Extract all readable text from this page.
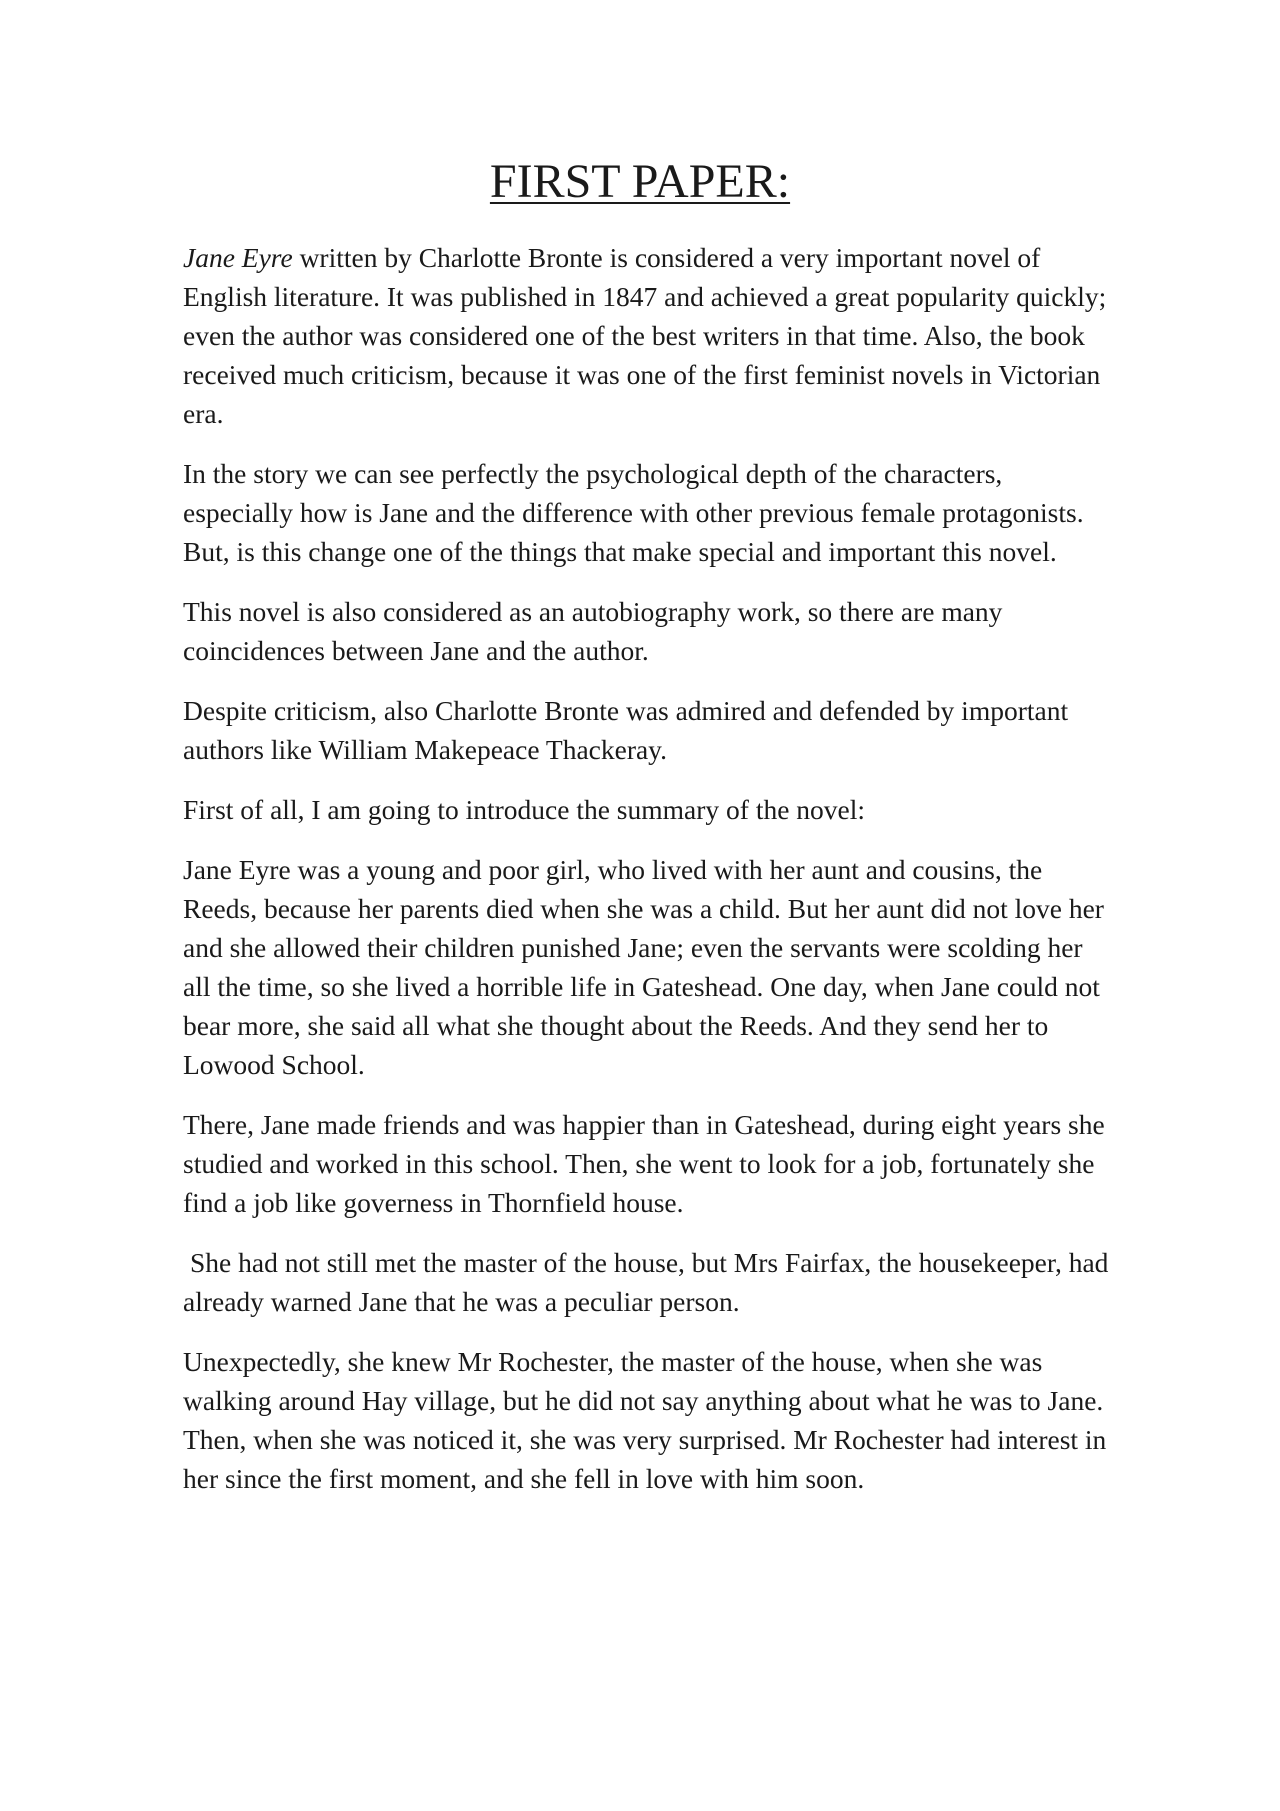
FIRST PAPER:

Jane Eyre written by Charlotte Bronte is considered a very important novel of English literature. It was published in 1847 and achieved a great popularity quickly; even the author was considered one of the best writers in that time. Also, the book received much criticism, because it was one of the first feminist novels in Victorian era.

In the story we can see perfectly the psychological depth of the characters, especially how is Jane and the difference with other previous female protagonists. But, is this change one of the things that make special and important this novel.

This novel is also considered as an autobiography work, so there are many coincidences between Jane and the author.

Despite criticism, also Charlotte Bronte was admired and defended by important authors like William Makepeace Thackeray.

First of all, I am going to introduce the summary of the novel:

Jane Eyre was a young and poor girl, who lived with her aunt and cousins, the Reeds, because her parents died when she was a child. But her aunt did not love her and she allowed their children punished Jane; even the servants were scolding her all the time, so she lived a horrible life in Gateshead. One day, when Jane could not bear more, she said all what she thought about the Reeds. And they send her to Lowood School.

There, Jane made friends and was happier than in Gateshead, during eight years she studied and worked in this school. Then, she went to look for a job, fortunately she find a job like governess in Thornfield house.

She had not still met the master of the house, but Mrs Fairfax, the housekeeper, had already warned Jane that he was a peculiar person.

Unexpectedly, she knew Mr Rochester, the master of the house, when she was walking around Hay village, but he did not say anything about what he was to Jane. Then, when she was noticed it, she was very surprised. Mr Rochester had interest in her since the first moment, and she fell in love with him soon.
